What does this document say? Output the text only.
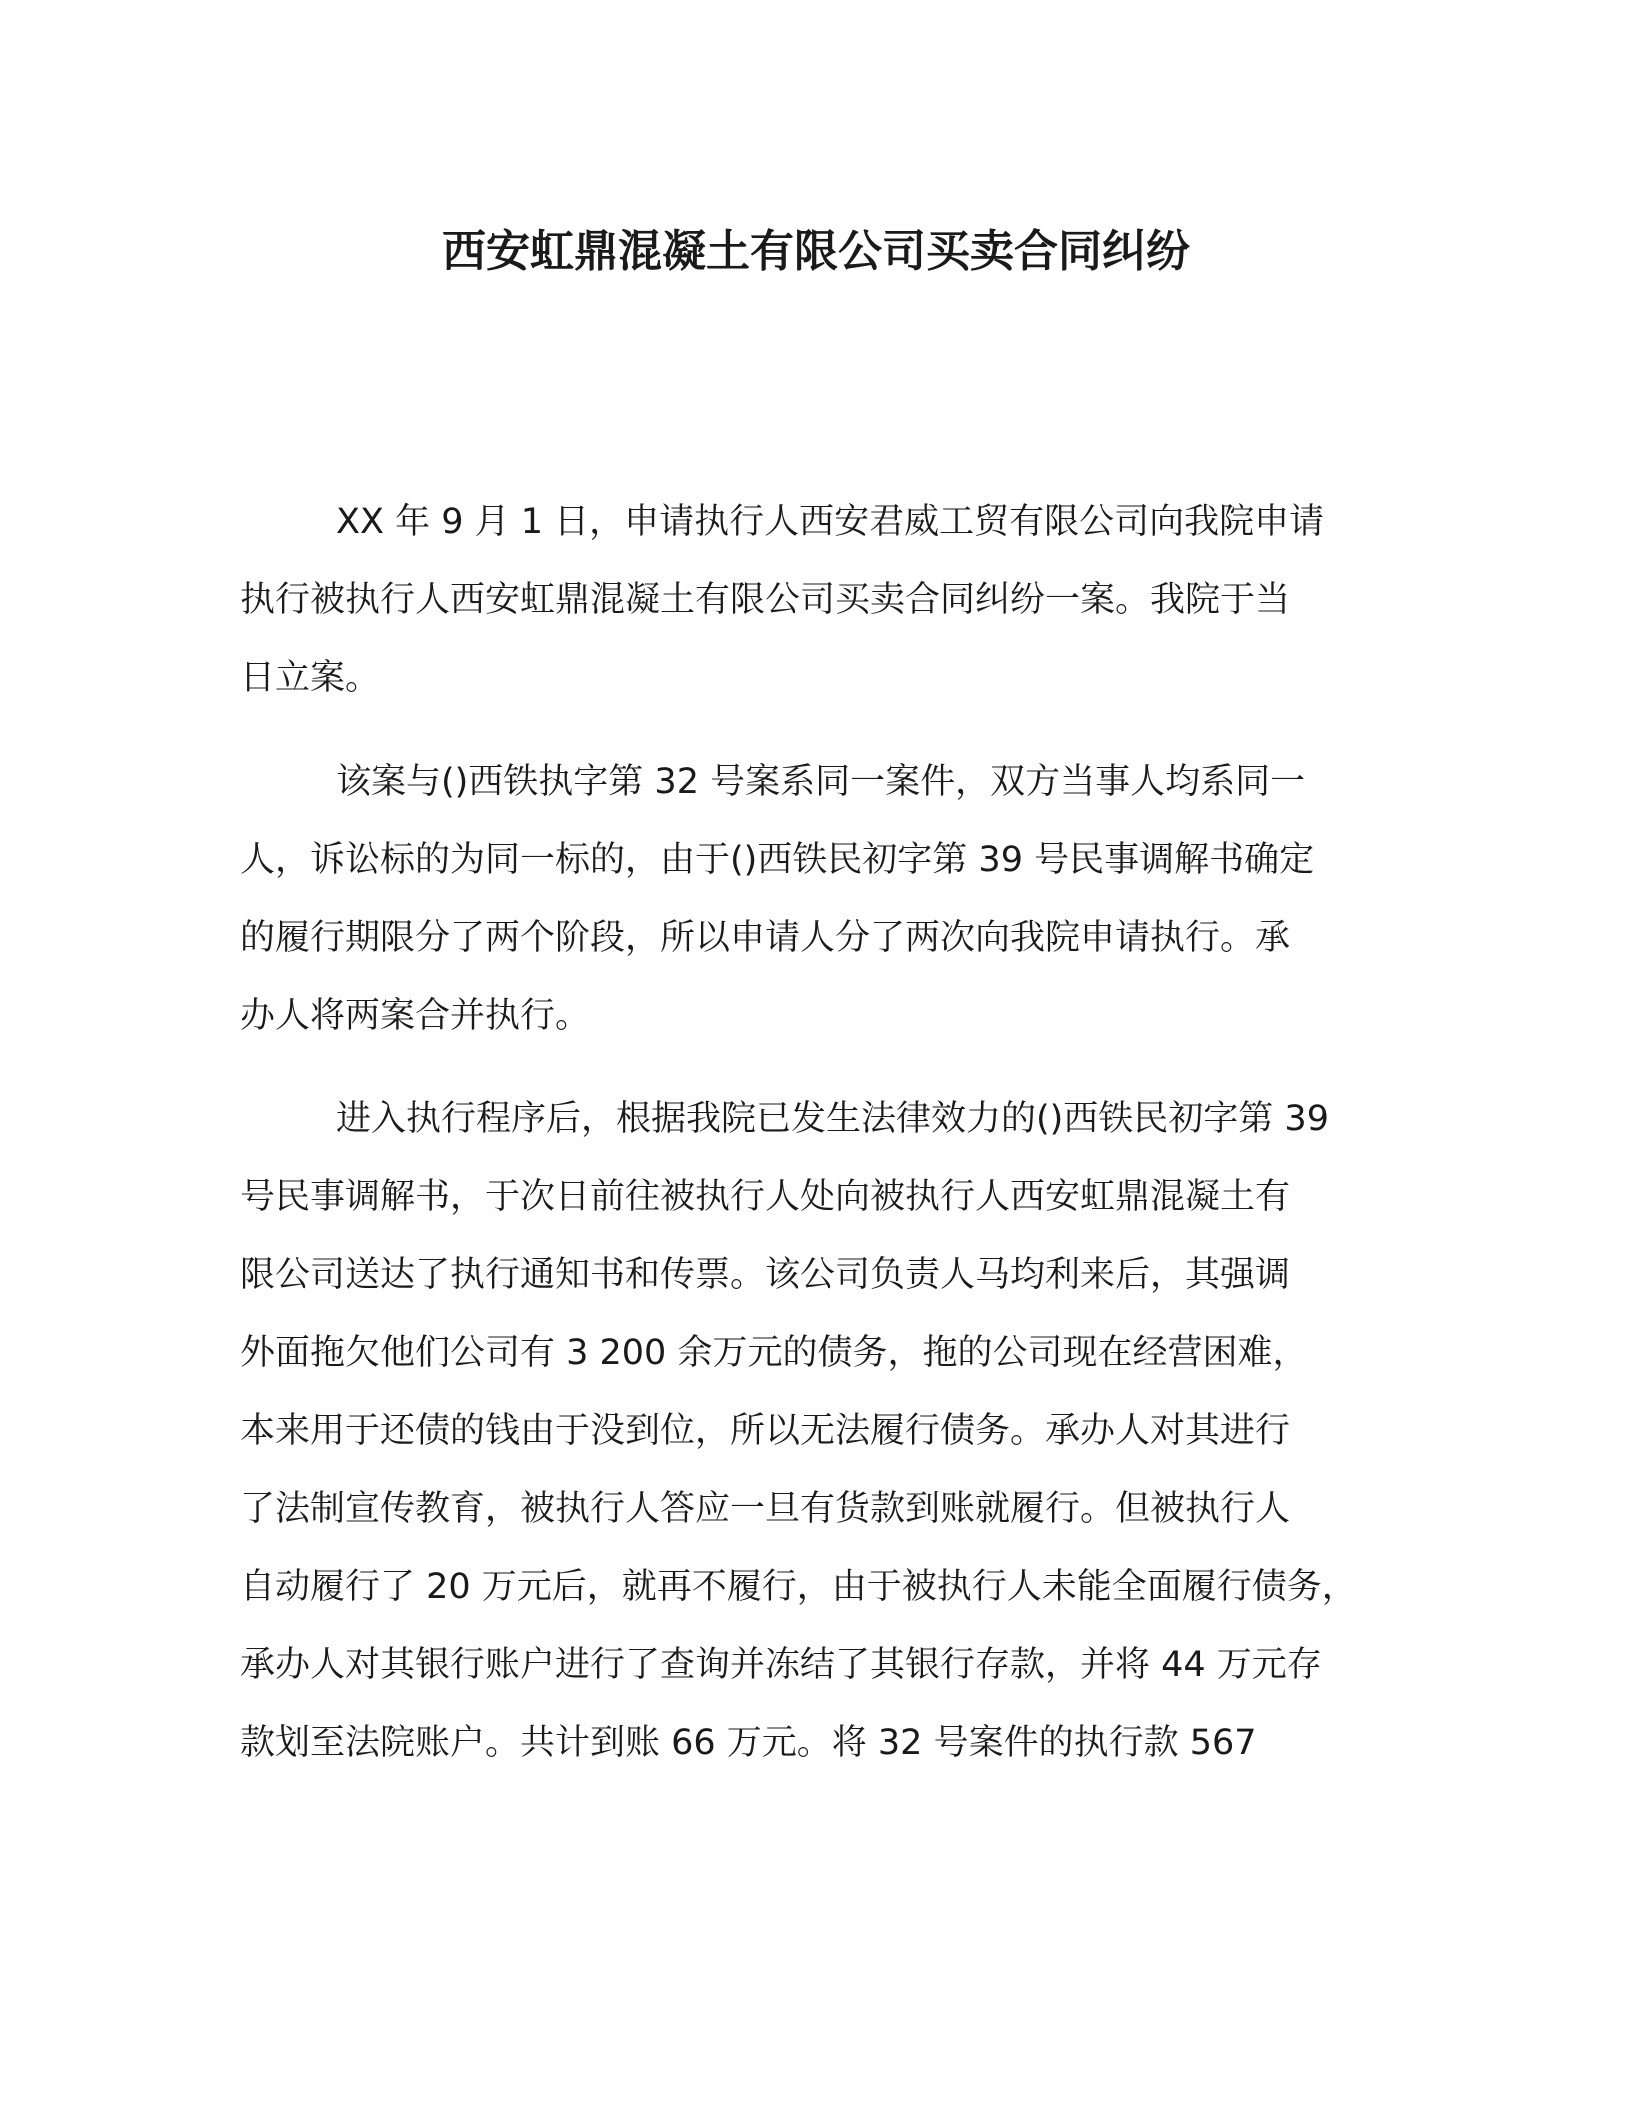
西安虹鼎混凝土有限公司买卖合同纠纷
XX 年 9 月 1 日，申请执行人西安君威工贸有限公司向我院申请
执行被执行人西安虹鼎混凝土有限公司买卖合同纠纷一案。我院于当
日立案。
该案与()西铁执字第 32 号案系同一案件，双方当事人均系同一
人，诉讼标的为同一标的，由于()西铁民初字第 39 号民事调解书确定
的履行期限分了两个阶段，所以申请人分了两次向我院申请执行。承
办人将两案合并执行。
进入执行程序后，根据我院已发生法律效力的()西铁民初字第 39
号民事调解书，于次日前往被执行人处向被执行人西安虹鼎混凝土有
限公司送达了执行通知书和传票。该公司负责人马均利来后，其强调
外面拖欠他们公司有 3 200 余万元的债务，拖的公司现在经营困难，
本来用于还债的钱由于没到位，所以无法履行债务。承办人对其进行
了法制宣传教育，被执行人答应一旦有货款到账就履行。但被执行人
自动履行了 20 万元后，就再不履行，由于被执行人未能全面履行债务，
承办人对其银行账户进行了查询并冻结了其银行存款，并将 44 万元存
款划至法院账户。共计到账 66 万元。将 32 号案件的执行款 567
